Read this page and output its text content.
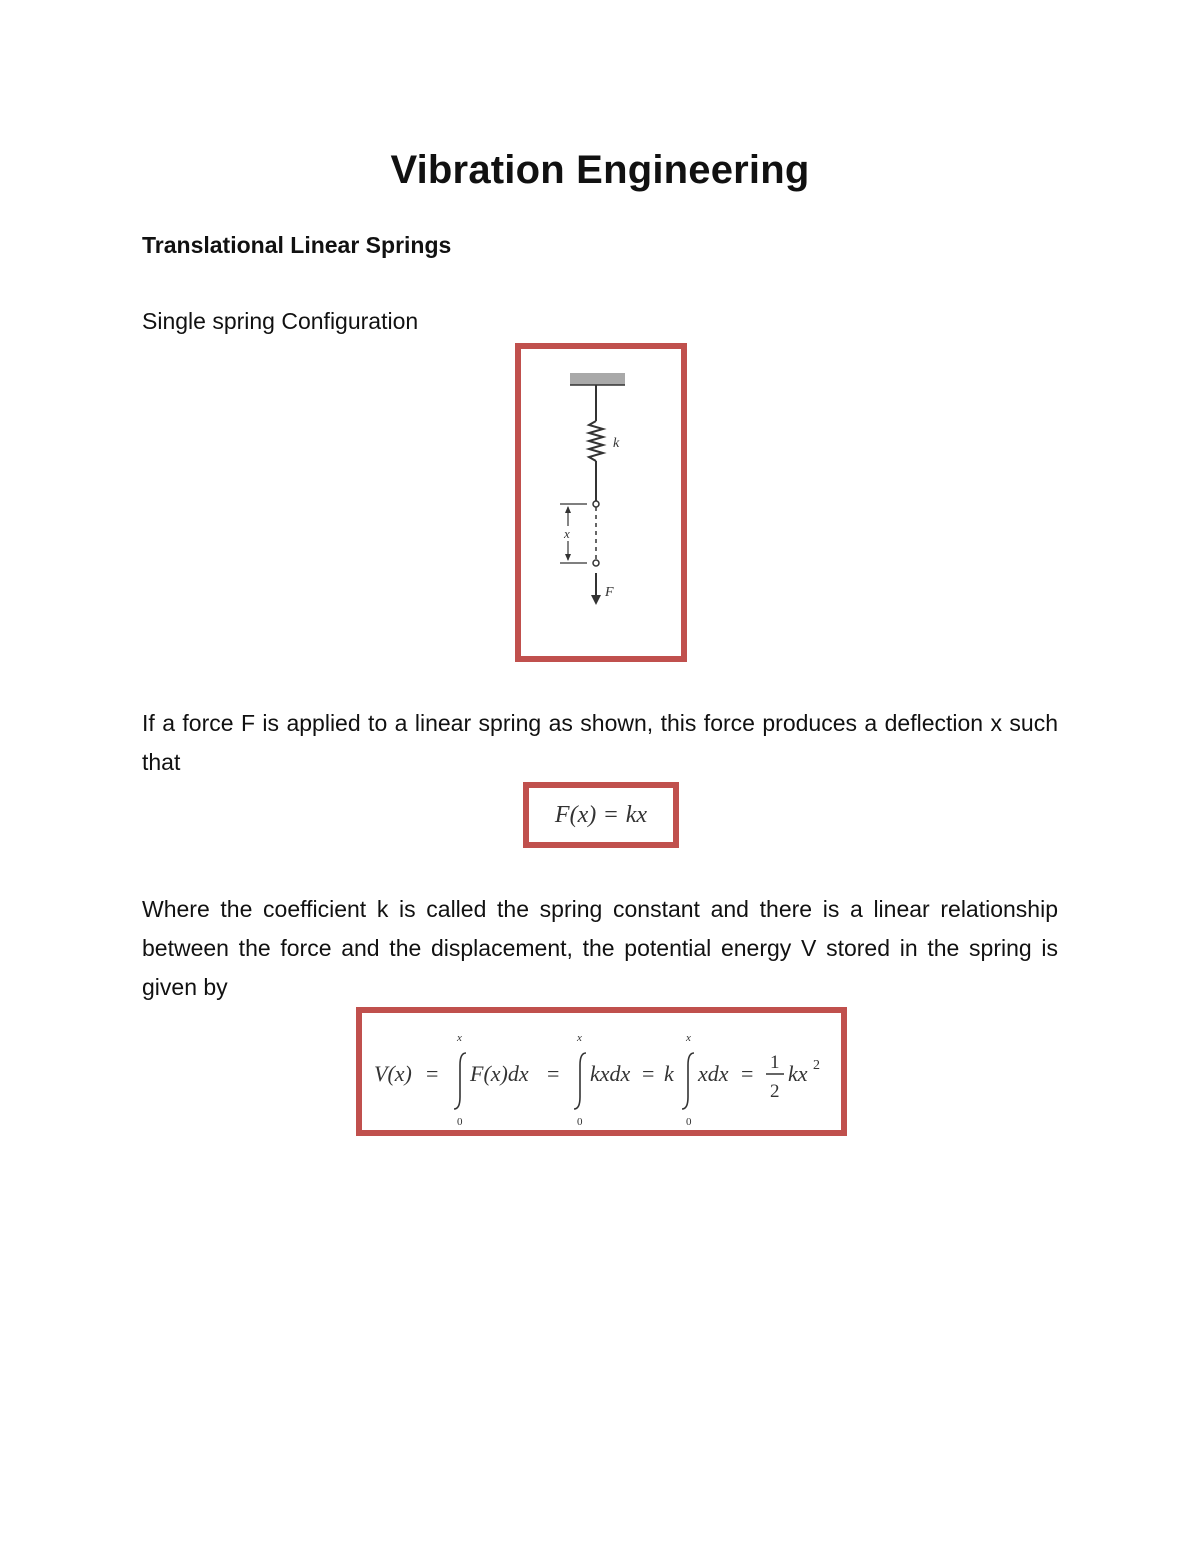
Vibration Engineering
Translational Linear Springs
Single spring Configuration
k
F
x
If a force F is applied to a linear spring as shown, this force produces a deflection x such that
F(x) = kx
Where the coefficient k is called the spring constant and there is a linear relationship between the force and the displacement, the potential energy V stored in the spring is given by
V(x) =
x
0
F(x)dx =
x
0
kxdx = k
x
0
xdx = 1
2
kx 2
